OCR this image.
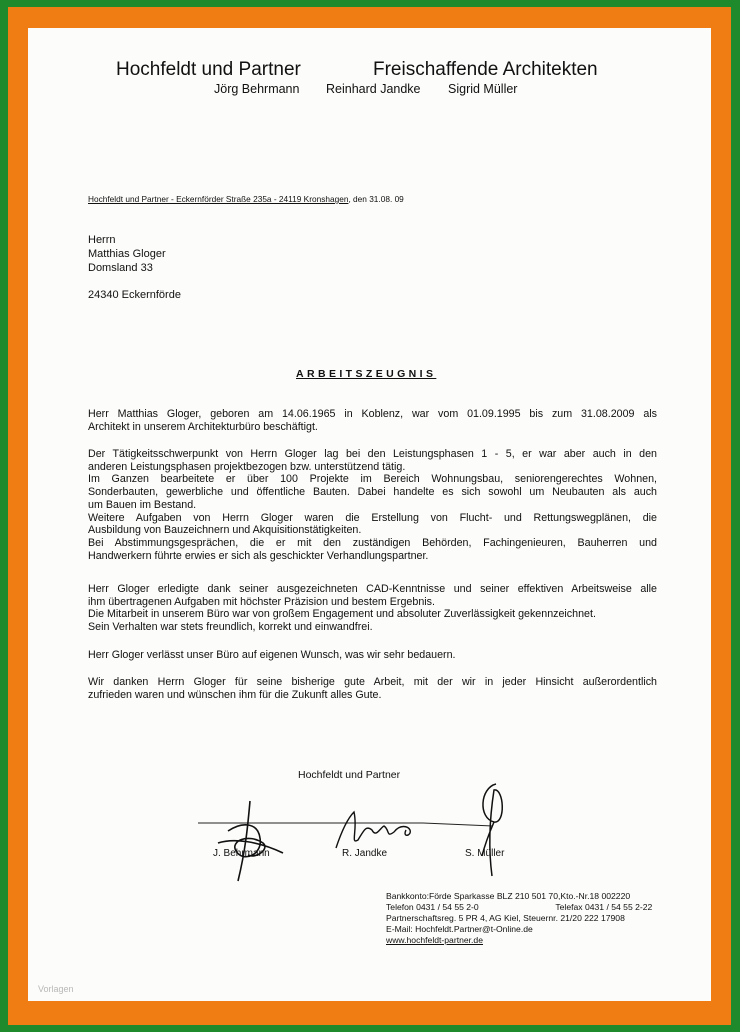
Hochfeldt und Partner	Freischaffende Architekten
Jörg Behrmann Reinhard Jandke Sigrid Müller
Hochfeldt und Partner - Eckernförder Straße 235a - 24119 Kronshagen, den 31.08. 09
Herrn
Matthias Gloger
Domsland 33
24340 Eckernförde
ARBEITSZEUGNIS
Herr Matthias Gloger, geboren am 14.06.1965 in Koblenz, war vom 01.09.1995 bis zum 31.08.2009 als
Architekt in unserem Architekturbüro beschäftigt.
Der Tätigkeitsschwerpunkt von Herrn Gloger lag bei den Leistungsphasen 1 - 5, er war aber auch in den
anderen Leistungsphasen projektbezogen bzw. unterstützend tätig.
Im Ganzen bearbeitete er über 100 Projekte im Bereich Wohnungsbau, seniorengerechtes Wohnen,
Sonderbauten, gewerbliche und öffentliche Bauten. Dabei handelte es sich sowohl um Neubauten als auch
um Bauen im Bestand.
Weitere Aufgaben von Herrn Gloger waren die Erstellung von Flucht- und Rettungswegplänen, die
Ausbildung von Bauzeichnern und Akquisitionstätigkeiten.
Bei Abstimmungsgesprächen, die er mit den zuständigen Behörden, Fachingenieuren, Bauherren und
Handwerkern führte erwies er sich als geschickter Verhandlungspartner.
Herr Gloger erledigte dank seiner ausgezeichneten CAD-Kenntnisse und seiner effektiven Arbeitsweise alle
ihm übertragenen Aufgaben mit höchster Präzision und bestem Ergebnis.
Die Mitarbeit in unserem Büro war von großem Engagement und absoluter Zuverlässigkeit gekennzeichnet.
Sein Verhalten war stets freundlich, korrekt und einwandfrei.
Herr Gloger verlässt unser Büro auf eigenen Wunsch, was wir sehr bedauern.
Wir danken Herrn Gloger für seine bisherige gute Arbeit, mit der wir in jeder Hinsicht außerordentlich
zufrieden waren und wünschen ihm für die Zukunft alles Gute.
Hochfeldt und Partner
J. Behrmann	R. Jandke	S. Müller
Bankkonto:Förde Sparkasse BLZ 210 501 70,Kto.-Nr.18 002220
Telefon 0431 / 54 55 2-0	Telefax 0431 / 54 55 2-22
Partnerschaftsreg. 5 PR 4, AG Kiel, Steuernr. 21/20 222 17908
E-Mail: Hochfeldt.Partner@t-Online.de
www.hochfeldt-partner.de
Vorlagen
